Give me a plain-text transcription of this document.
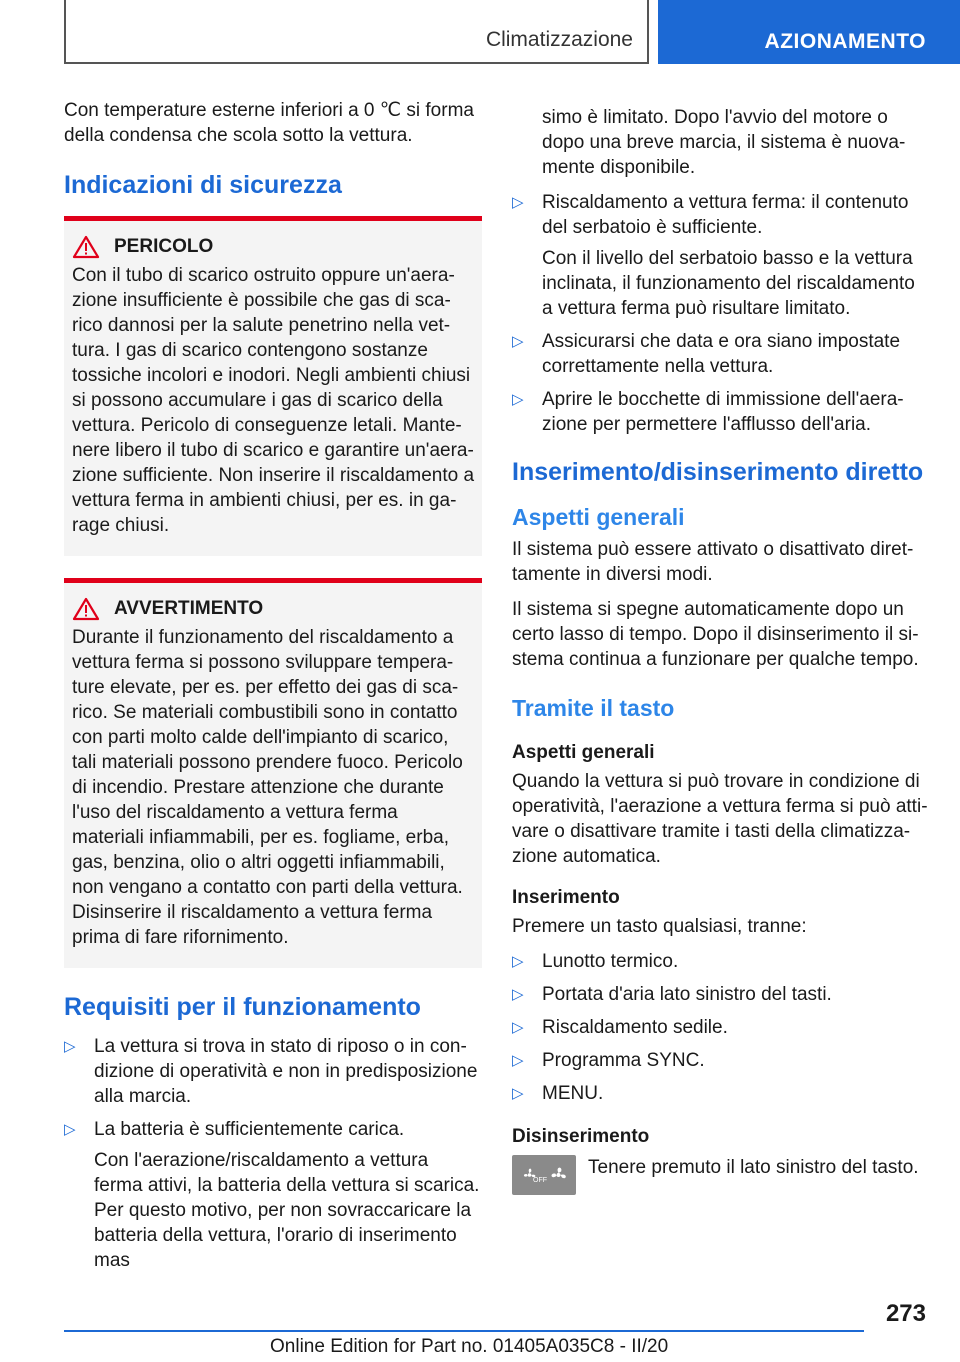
Climatizzazione	AZIONAMENTO

Con temperature esterne inferiori a 0 ℃ si forma della condensa che scola sotto la vettura.

Indicazioni di sicurezza
PERICOLO

Con il tubo di scarico ostruito oppure un'aerazione insufficiente è possibile che gas di scarico dannosi per la salute penetrino nella vettura. I gas di scarico contengono sostanze tossiche incolori e inodori. Negli ambienti chiusi si possono accumulare i gas di scarico della vettura. Pericolo di conseguenze letali. Mantenere libero il tubo di scarico e garantire un'aerazione sufficiente. Non inserire il riscaldamento a vettura ferma in ambienti chiusi, per es. in garage chiusi.

AVVERTIMENTO

Durante il funzionamento del riscaldamento a vettura ferma si possono sviluppare temperature elevate, per es. per effetto dei gas di scarico. Se materiali combustibili sono in contatto con parti molto calde dell'impianto di scarico, tali materiali possono prendere fuoco. Pericolo di incendio. Prestare attenzione che durante l'uso del riscaldamento a vettura ferma materiali infiammabili, per es. fogliame, erba, gas, benzina, olio o altri oggetti infiammabili, non vengano a contatto con parti della vettura. Disinserire il riscaldamento a vettura ferma prima di fare rifornimento.

Requisiti per il funzionamento
▷ La vettura si trova in stato di riposo o in condizione di operatività e non in predisposizione alla marcia.
▷ La batteria è sufficientemente carica.

Con l'aerazione/riscaldamento a vettura ferma attivi, la batteria della vettura si scarica. Per questo motivo, per non sovraccaricare la batteria della vettura, l'orario di inserimento mas

simo è limitato. Dopo l'avvio del motore o dopo una breve marcia, il sistema è nuovamente disponibile.

▷ Riscaldamento a vettura ferma: il contenuto del serbatoio è sufficiente.

Con il livello del serbatoio basso e la vettura inclinata, il funzionamento del riscaldamento a vettura ferma può risultare limitato.

▷ Assicurarsi che data e ora siano impostate correttamente nella vettura.
▷ Aprire le bocchette di immissione dell'aerazione per permettere l'afflusso dell'aria.
Inserimento/disinserimento diretto
Aspetti generali

Il sistema può essere attivato o disattivato direttamente in diversi modi.

Il sistema si spegne automaticamente dopo un certo lasso di tempo. Dopo il disinserimento il sistema continua a funzionare per qualche tempo.

Tramite il tasto
Aspetti generali

Quando la vettura si può trovare in condizione di operatività, l'aerazione a vettura ferma si può attivare o disattivare tramite i tasti della climatizzazione automatica.

Inserimento

Premere un tasto qualsiasi, tranne:

▷ Lunotto termico.
▷ Portata d'aria lato sinistro del tasti.
▷ Riscaldamento sedile.
▷ Programma SYNC.
▷ MENU.
Disinserimento
OFF

Tenere premuto il lato sinistro del tasto.

273
Online Edition for Part no. 01405A035C8 - II/20
